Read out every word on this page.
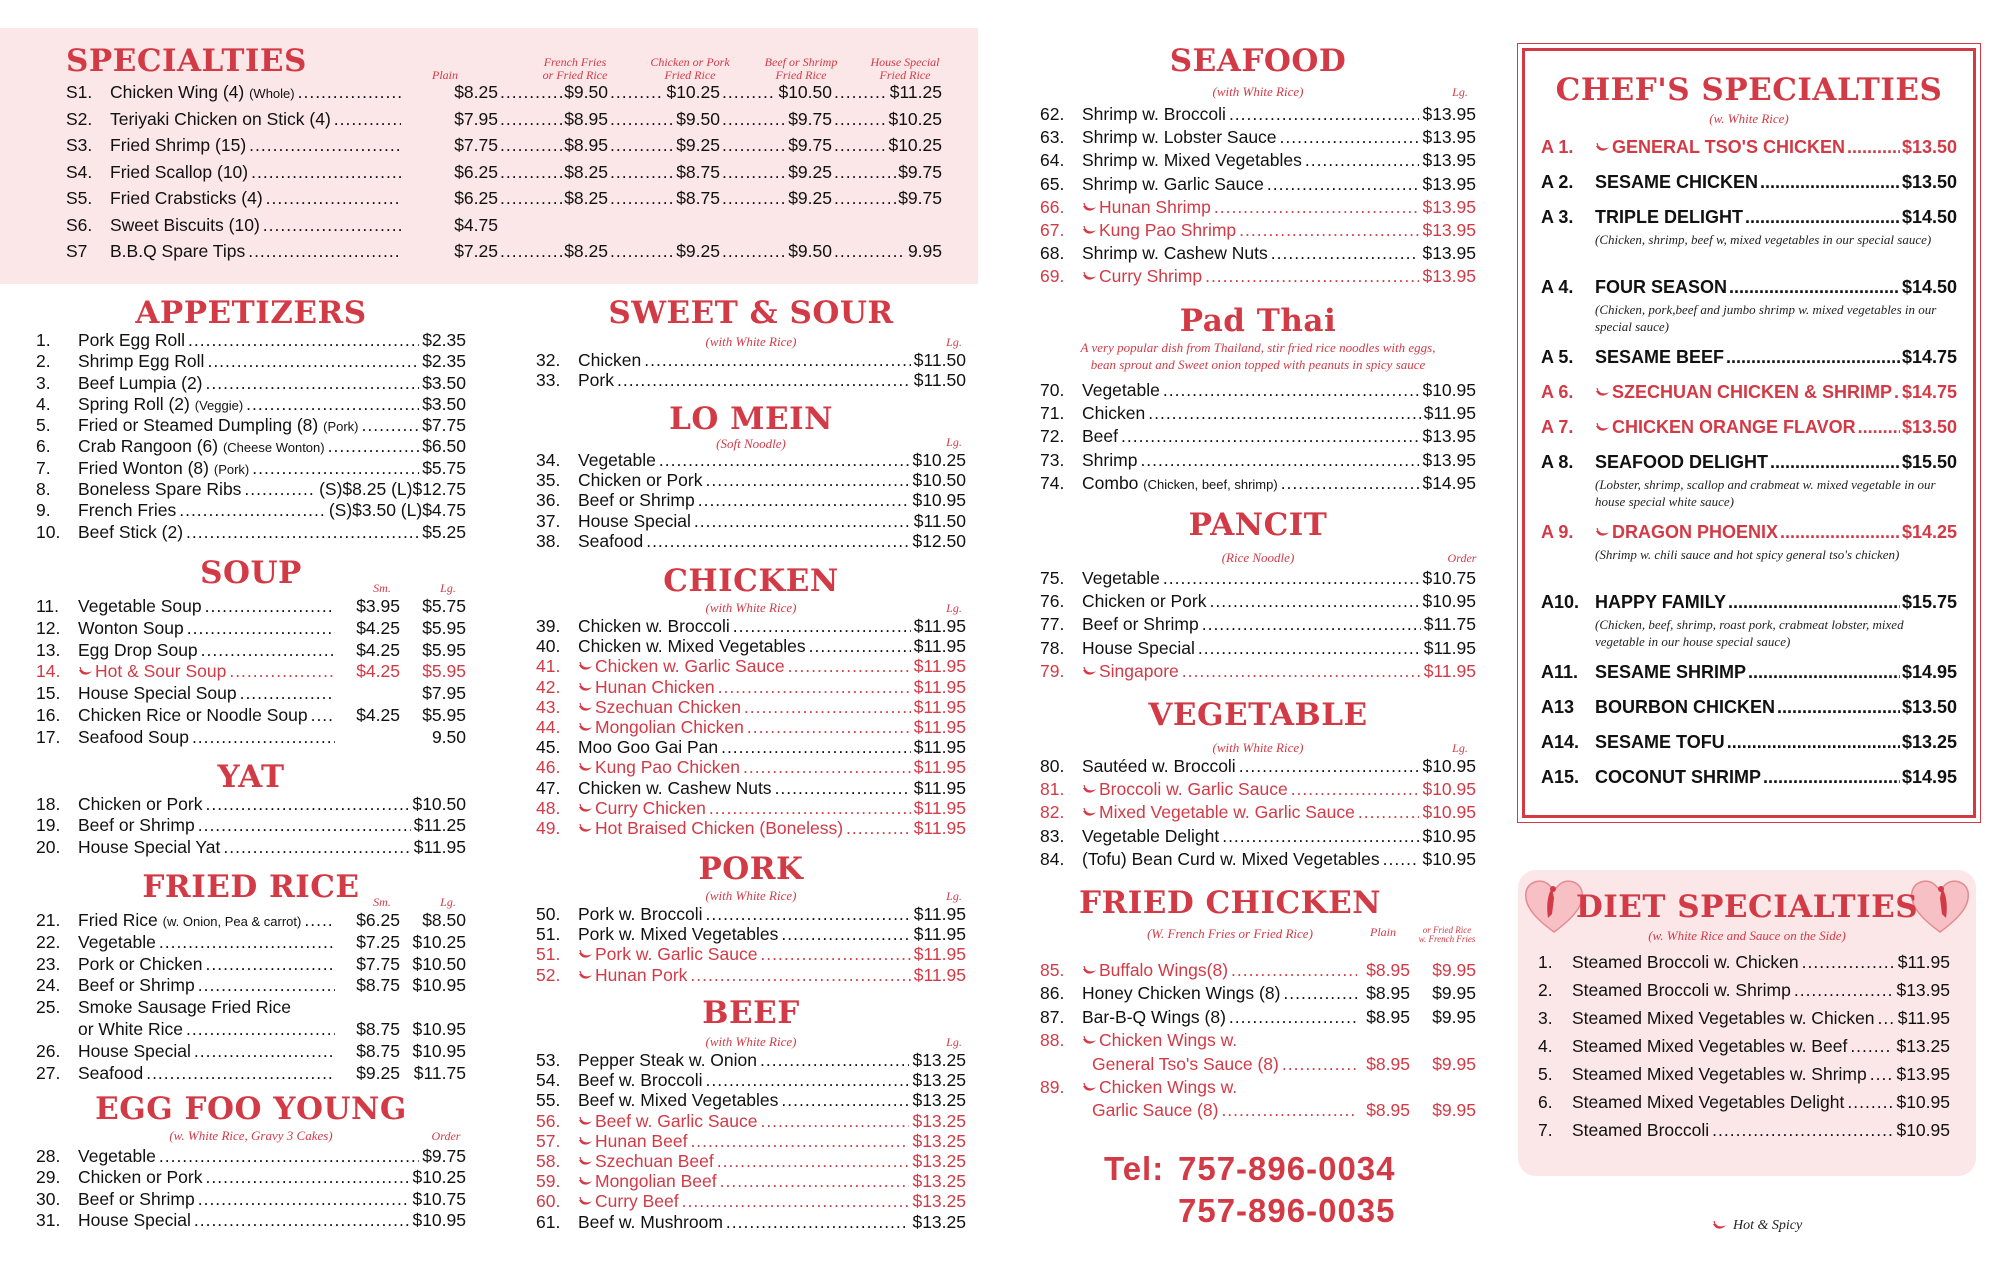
SPECIALTIES	Plain
French Fries
or Fried Rice
Chicken or Pork
Fried Rice
Beef or Shrimp
Fried Rice
House Special
Fried Rice
S1.	Chicken Wing (4) (Whole) .....	$8.25 .....	$9.50 .....	$10.25 .....	$10.50 .....	$11.25
S2.	Teriyaki Chicken on Stick (4) .....	$7.95 .....	$8.95 .....	$9.50 .....	$9.75 .....	$10.25
S3.	Fried Shrimp (15) .....	$7.75 .....	$8.95 .....	$9.25 .....	$9.75 .....	$10.25
S4.	Fried Scallop (10) .....	$6.25 .....	$8.25 .....	$8.75 .....	$9.25 .....	$9.75
S5.	Fried Crabsticks (4) .....	$6.25 .....	$8.25 .....	$8.75 .....	$9.25 .....	$9.75
S6.	Sweet Biscuits (10) .....	$4.75
S7	B.B.Q Spare Tips .....	$7.25 .....	$8.25 .....	$9.25 .....	$9.50 .....	9.95
APPETIZERS
1.	Pork Egg Roll .....	$2.35
2.	Shrimp Egg Roll .....	$2.35
3.	Beef Lumpia (2) .....	$3.50
4.	Spring Roll (2) (Veggie) .....	$3.50
5.	Fried or Steamed Dumpling (8) (Pork) .....	$7.75
6.	Crab Rangoon (6) (Cheese Wonton) .....	$6.50
7.	Fried Wonton (8) (Pork) .....	$5.75
8.	Boneless Spare Ribs .....	(S)$8.25 (L)$12.75
9.	French Fries .....	(S)$3.50 (L)$4.75
10.	Beef Stick (2) .....	$5.25
SOUP	Sm.	Lg.
11.	Vegetable Soup .....	$3.95	$5.75
12.	Wonton Soup .....	$4.25	$5.95
13.	Egg Drop Soup .....	$4.25	$5.95
14.	Hot & Sour Soup .....	$4.25	$5.95
15.	House Special Soup .....	$7.95
16.	Chicken Rice or Noodle Soup .....	$4.25	$5.95
17.	Seafood Soup .....	9.50
YAT
18.	Chicken or Pork .....	$10.50
19.	Beef or Shrimp .....	$11.25
20.	House Special Yat .....	$11.95
FRIED RICE	Sm.	Lg.
21.	Fried Rice (w. Onion, Pea & carrot) .....	$6.25	$8.50
22.	Vegetable .....	$7.25 $10.25
23.	Pork or Chicken .....	$7.75 $10.50
24.	Beef or Shrimp .....	$8.75 $10.95
25.	Smoke Sausage Fried Rice
or White Rice .....	$8.75 $10.95
26.	House Special .....	$8.75 $10.95
27.	Seafood .....	$9.25 $11.75
EGG FOO YOUNG
(w. White Rice, Gravy 3 Cakes)	Order
28.	Vegetable .....	$9.75
29.	Chicken or Pork .....	$10.25
30.	Beef or Shrimp .....	$10.75
31.	House Special .....	$10.95
SWEET & SOUR
(with White Rice)	Lg.
32.	Chicken .....	$11.50
33.	Pork .....	$11.50
LO MEIN
(Soft Noodle)	Lg.
34.	Vegetable .....	$10.25
35.	Chicken or Pork .....	$10.50
36.	Beef or Shrimp .....	$10.95
37.	House Special .....	$11.50
38.	Seafood .....	$12.50
CHICKEN
(with White Rice)	Lg.
39.	Chicken w. Broccoli .....	$11.95
40.	Chicken w. Mixed Vegetables .....	$11.95
41.	Chicken w. Garlic Sauce .....	$11.95
42.	Hunan Chicken .....	$11.95
43.	Szechuan Chicken .....	$11.95
44.	Mongolian Chicken .....	$11.95
45.	Moo Goo Gai Pan .....	$11.95
46.	Kung Pao Chicken .....	$11.95
47.	Chicken w. Cashew Nuts .....	$11.95
48.	Curry Chicken .....	$11.95
49.	Hot Braised Chicken (Boneless) .....	$11.95
PORK
(with White Rice)	Lg.
50.	Pork w. Broccoli .....	$11.95
51.	Pork w. Mixed Vegetables .....	$11.95
51.	Pork w. Garlic Sauce .....	$11.95
52.	Hunan Pork .....	$11.95
BEEF
(with White Rice)	Lg.
53.	Pepper Steak w. Onion .....	$13.25
54.	Beef w. Broccoli .....	$13.25
55.	Beef w. Mixed Vegetables .....	$13.25
56.	Beef w. Garlic Sauce .....	$13.25
57.	Hunan Beef .....	$13.25
58.	Szechuan Beef .....	$13.25
59.	Mongolian Beef .....	$13.25
60.	Curry Beef .....	$13.25
61.	Beef w. Mushroom .....	$13.25
SEAFOOD
(with White Rice)	Lg.
62.	Shrimp w. Broccoli .....	$13.95
63.	Shrimp w. Lobster Sauce .....	$13.95
64.	Shrimp w. Mixed Vegetables .....	$13.95
65.	Shrimp w. Garlic Sauce .....	$13.95
66.	Hunan Shrimp .....	$13.95
67.	Kung Pao Shrimp .....	$13.95
68.	Shrimp w. Cashew Nuts .....	$13.95
69.	Curry Shrimp .....	$13.95
Pad Thai
A very popular dish from Thailand, stir fried rice noodles with eggs,
bean sprout and Sweet onion topped with peanuts in spicy sauce
70.	Vegetable .....	$10.95
71.	Chicken .....	$11.95
72.	Beef .....	$13.95
73.	Shrimp .....	$13.95
74.	Combo (Chicken, beef, shrimp) .....	$14.95
PANCIT
(Rice Noodle)	Order
75.	Vegetable .....	$10.75
76.	Chicken or Pork .....	$10.95
77.	Beef or Shrimp .....	$11.75
78.	House Special .....	$11.95
79.	Singapore .....	$11.95
VEGETABLE
(with White Rice)	Lg.
80.	Sautéed w. Broccoli .....	$10.95
81.	Broccoli w. Garlic Sauce .....	$10.95
82.	Mixed Vegetable w. Garlic Sauce .....	$10.95
83.	Vegetable Delight .....	$10.95
84.	(Tofu) Bean Curd w. Mixed Vegetables ..... $10.95
FRIED CHICKEN
(W. French Fries or Fried Rice)	Plain	or Fried Rice
w. French Fries
85.	Buffalo Wings(8) .....	$8.95	$9.95
86.	Honey Chicken Wings (8) .....	$8.95	$9.95
87.	Bar-B-Q Wings (8) .....	$8.95	$9.95
88.	Chicken Wings w.
General Tso's Sauce (8) .....	$8.95	$9.95
89.	Chicken Wings w.
Garlic Sauce (8) .....	$8.95	$9.95
Tel: 757-896-0034
757-896-0035
CHEF'S SPECIALTIES
(w. White Rice)
A 1.	GENERAL TSO'S CHICKEN .....	$13.50
A 2.	SESAME CHICKEN .....	$13.50
A 3.	TRIPLE DELIGHT .....	$14.50
(Chicken, shrimp, beef w, mixed vegetables in our special sauce)
A 4.	FOUR SEASON .....	$14.50
(Chicken, pork,beef and jumbo shrimp w. mixed vegetables in our special sauce)
A 5.	SESAME BEEF .....	$14.75
A 6.	SZECHUAN CHICKEN & SHRIMP ..... $14.75
A 7.	CHICKEN ORANGE FLAVOR .....	$13.50
A 8.	SEAFOOD DELIGHT .....	$15.50
(Lobster, shrimp, scallop and crabmeat w. mixed vegetable in our house special white sauce)
A 9.	DRAGON PHOENIX .....	$14.25
(Shrimp w. chili sauce and hot spicy general tso's chicken)
A10. HAPPY FAMILY .....	$15.75
(Chicken, beef, shrimp, roast pork, crabmeat lobster, mixed vegetable in our house special sauce)
A11. SESAME SHRIMP .....	$14.95
A13	BOURBON CHICKEN .....	$13.50
A14. SESAME TOFU .....	$13.25
A15. COCONUT SHRIMP .....	$14.95
DIET SPECIALTIES
(w. White Rice and Sauce on the Side)
1.	Steamed Broccoli w. Chicken .....	$11.95
2.	Steamed Broccoli w. Shrimp .....	$13.95
3.	Steamed Mixed Vegetables w. Chicken ..... $11.95
4.	Steamed Mixed Vegetables w. Beef .....	$13.25
5.	Steamed Mixed Vegetables w. Shrimp ..... $13.95
6.	Steamed Mixed Vegetables Delight .....	$10.95
7.	Steamed Broccoli .....	$10.95
Hot & Spicy
